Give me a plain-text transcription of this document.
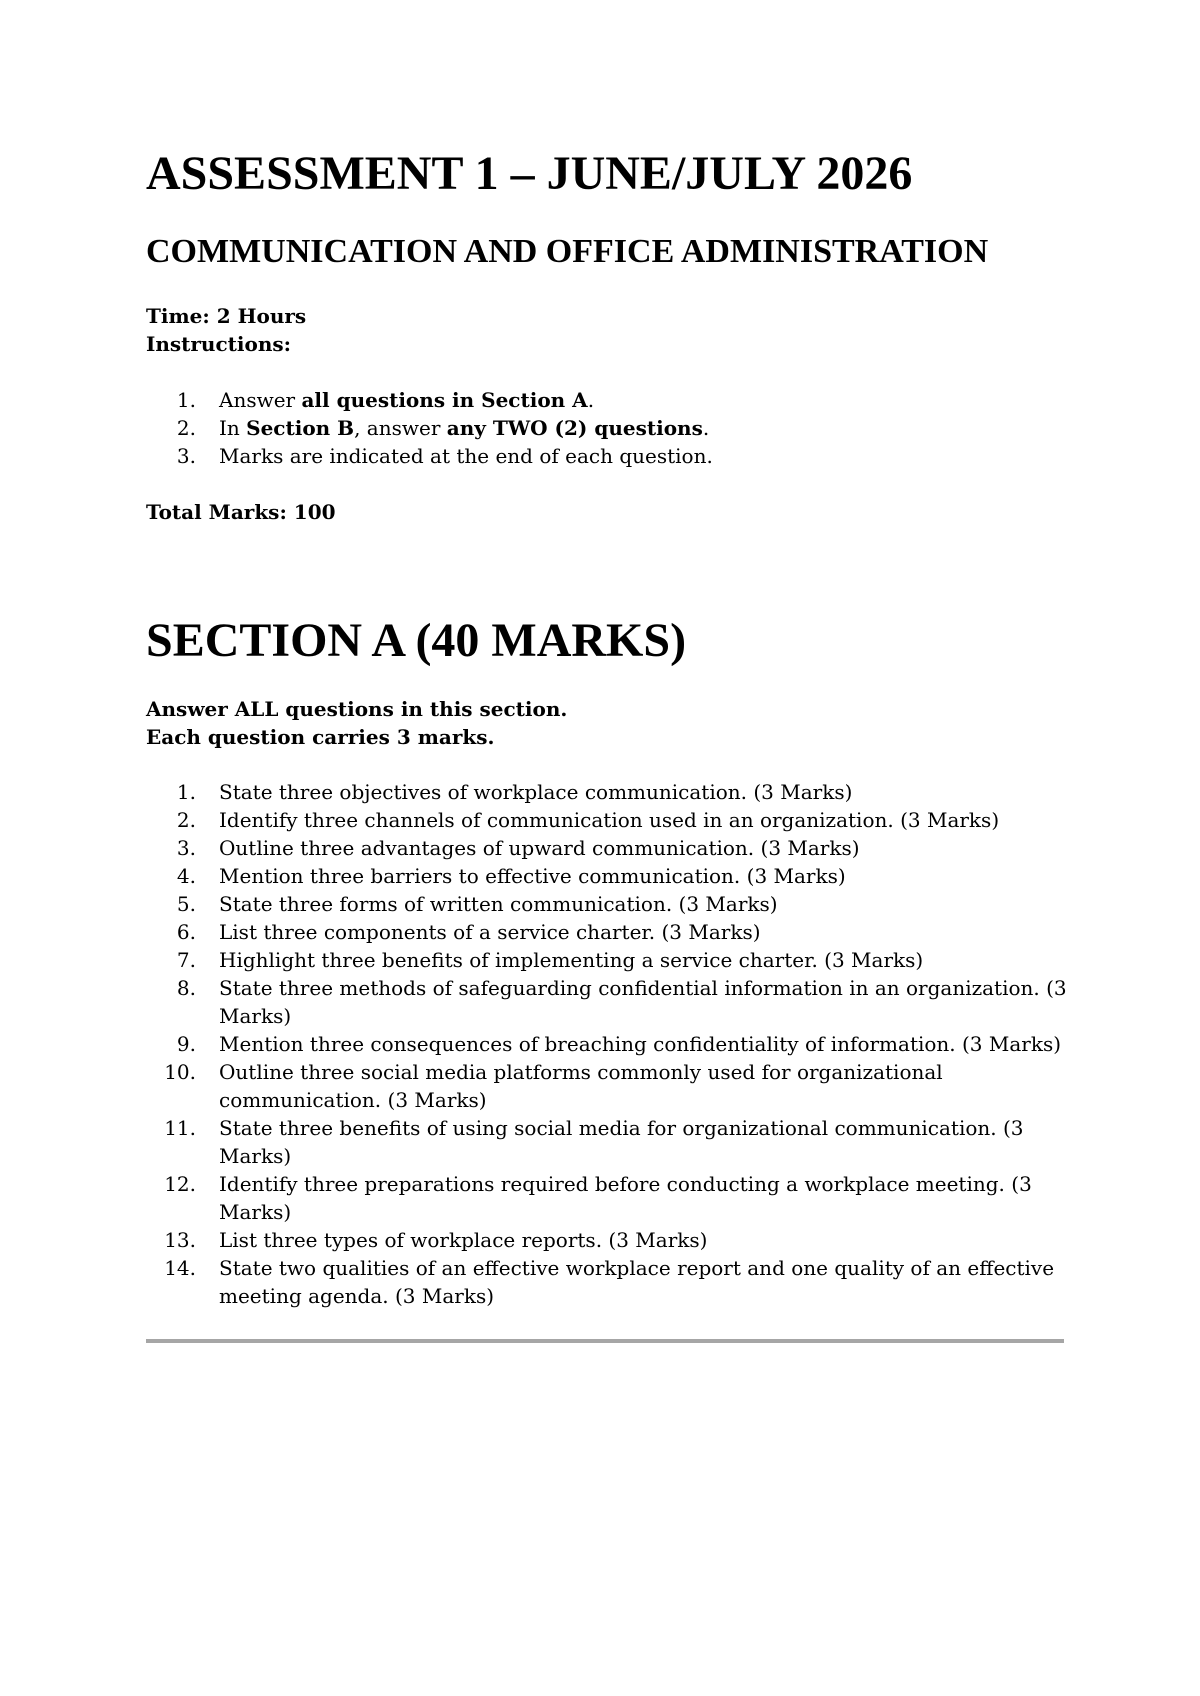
ASSESSMENT 1 – JUNE/JULY 2026
COMMUNICATION AND OFFICE ADMINISTRATION
Time: 2 Hours
Instructions:
1. Answer all questions in Section A.
2. In Section B, answer any TWO (2) questions.
3. Marks are indicated at the end of each question.
Total Marks: 100
SECTION A (40 MARKS)
Answer ALL questions in this section.
Each question carries 3 marks.
1. State three objectives of workplace communication. (3 Marks)
2. Identify three channels of communication used in an organization. (3 Marks)
3. Outline three advantages of upward communication. (3 Marks)
4. Mention three barriers to effective communication. (3 Marks)
5. State three forms of written communication. (3 Marks)
6. List three components of a service charter. (3 Marks)
7. Highlight three benefits of implementing a service charter. (3 Marks)
8. State three methods of safeguarding confidential information in an organization. (3 Marks)
9. Mention three consequences of breaching confidentiality of information. (3 Marks)
10. Outline three social media platforms commonly used for organizational communication. (3 Marks)
11. State three benefits of using social media for organizational communication. (3 Marks)
12. Identify three preparations required before conducting a workplace meeting. (3 Marks)
13. List three types of workplace reports. (3 Marks)
14. State two qualities of an effective workplace report and one quality of an effective meeting agenda. (3 Marks)
